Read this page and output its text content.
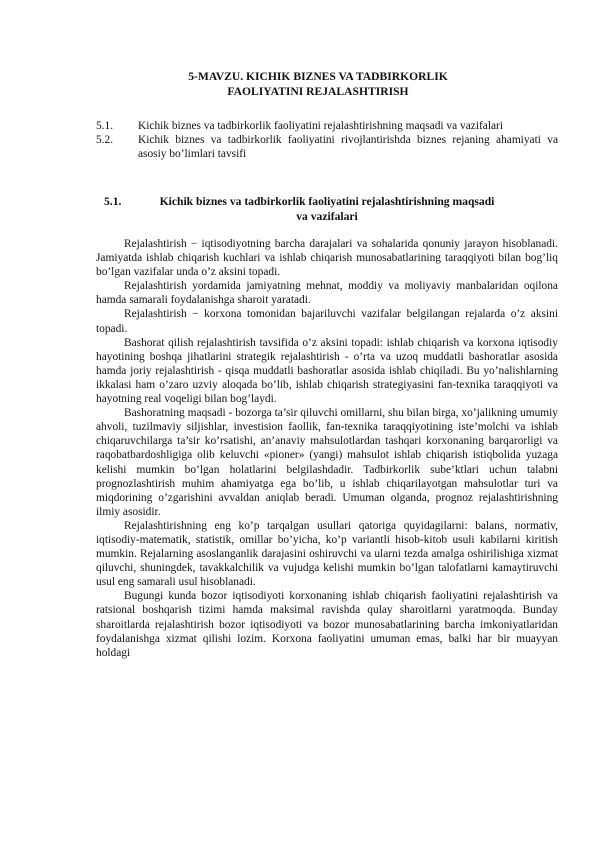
5-MAVZU. KICHIK BIZNES VA TADBIRKORLIK
FAOLIYATINI REJALASHTIRISH
5.1.	Kichik biznes va tadbirkorlik faoliyatini rejalashtirishning maqsadi va vazifalari
5.2.	Kichik biznes va tadbirkorlik faoliyatini rivojlantirishda biznes rejaning ahamiyati va asosiy bo’limlari tavsifi
5.1.	Kichik biznes va tadbirkorlik faoliyatini rejalashtirishning maqsadi
va vazifalari

Rejalashtirish − iqtisodiyotning barcha darajalari va sohalarida qonuniy jarayon hisoblanadi. Jamiyatda ishlab chiqarish kuchlari va ishlab chiqarish munosabatlarining taraqqiyoti bilan bog’liq bo’lgan vazifalar unda o’z aksini topadi.

Rejalashtirish yordamida jamiyatning mehnat, moddiy va moliyaviy manbalaridan oqilona hamda samarali foydalanishga sharoit yaratadi.

Rejalashtirish − korxona tomonidan bajariluvchi vazifalar belgilangan rejalarda o’z aksini topadi.

Bashorat qilish rejalashtirish tavsifida o’z aksini topadi: ishlab chiqarish va korxona iqtisodiy hayotining boshqa jihatlarini strategik rejalashtirish - o’rta va uzoq muddatli bashoratlar asosida hamda joriy rejalashtirish - qisqa muddatli bashoratlar asosida ishlab chiqiladi. Bu yo’nalishlarning ikkalasi ham o’zaro uzviy aloqada bo’lib, ishlab chiqarish strategiyasini fan-texnika taraqqiyoti va hayotning real voqeligi bilan bog’laydi.

Bashoratning maqsadi - bozorga ta’sir qiluvchi omillarni, shu bilan birga, xo’jalikning umumiy ahvoli, tuzilmaviy siljishlar, investision faollik, fan-texnika taraqqiyotining iste’molchi va ishlab chiqaruvchilarga ta’sir ko’rsatishi, an’anaviy mahsulotlardan tashqari korxonaning barqarorligi va raqobatbardoshligiga olib keluvchi «pioner» (yangi) mahsulot ishlab chiqarish istiqbolida yuzaga kelishi mumkin bo’lgan holatlarini belgilashdadir. Tadbirkorlik sube’ktlari uchun talabni prognozlashtirish muhim ahamiyatga ega bo’lib, u ishlab chiqarilayotgan mahsulotlar turi va miqdorining o’zgarishini avvaldan aniqlab beradi. Umuman olganda, prognoz rejalashtirishning ilmiy asosidir.

Rejalashtirishning eng ko’p tarqalgan usullari qatoriga quyidagilarni: balans, normativ, iqtisodiy-matematik, statistik, omillar bo’yicha, ko’p variantli hisob-kitob usuli kabilarni kiritish mumkin. Rejalarning asoslanganlik darajasini oshiruvchi va ularni tezda amalga oshirilishiga xizmat qiluvchi, shuningdek, tavakkalchilik va vujudga kelishi mumkin bo’lgan talofatlarni kamaytiruvchi usul eng samarali usul hisoblanadi.

Bugungi kunda bozor iqtisodiyoti korxonaning ishlab chiqarish faoliyatini rejalashtirish va ratsional boshqarish tizimi hamda maksimal ravishda qulay sharoitlarni yaratmoqda. Bunday sharoitlarda rejalashtirish bozor iqtisodiyoti va bozor munosabatlarining barcha imkoniyatlaridan foydalanishga xizmat qilishi lozim. Korxona faoliyatini umuman emas, balki har bir muayyan holdagi
